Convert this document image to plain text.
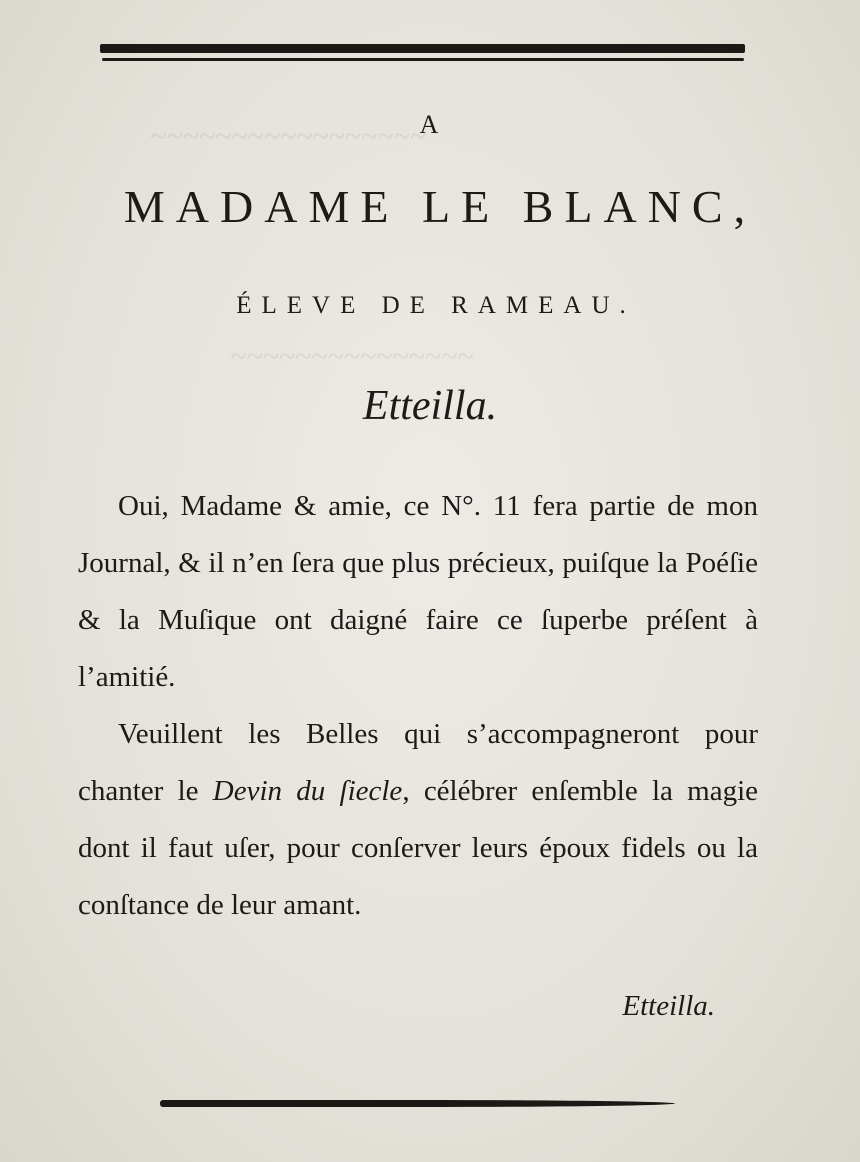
~~~~~~~~~~~~~~~~~
~~~~~~~~~~~~~~~
A
MADAME LE BLANC,
ÉLEVE DE RAMEAU.
Etteilla.

Oui, Madame & amie, ce N°. 11 fera partie de mon Journal, & il n’en ſera que plus précieux, puiſque la Poéſie & la Muſique ont daigné faire ce ſuperbe préſent à l’amitié.

Veuillent les Belles qui s’accompagneront pour chanter le Devin du ſiecle, célébrer enſemble la magie dont il faut uſer, pour conſerver leurs époux fidels ou la conſtance de leur amant.

Etteilla.
